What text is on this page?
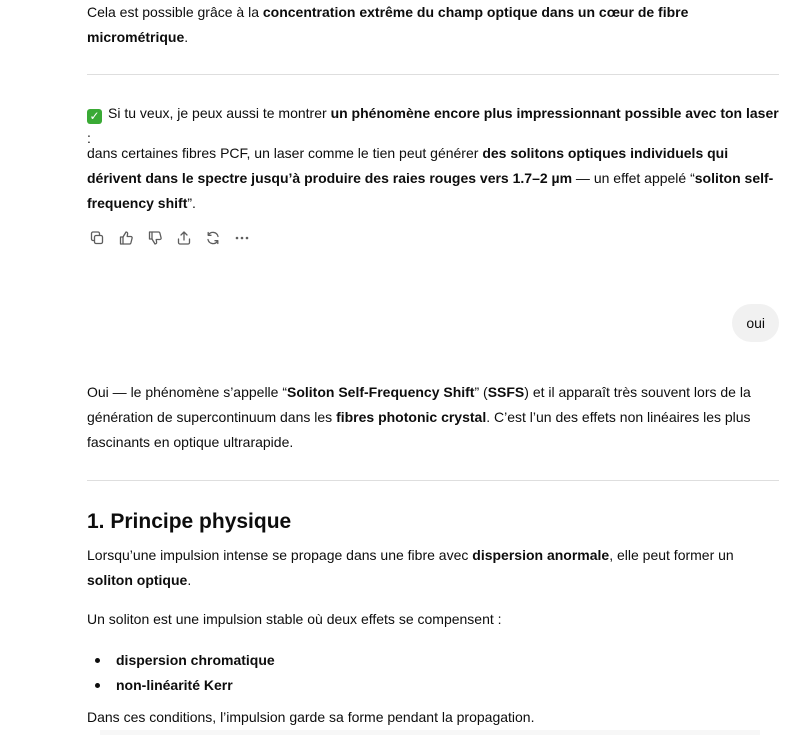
Cela est possible grâce à la concentration extrême du champ optique dans un cœur de fibre micrométrique.

✓ Si tu veux, je peux aussi te montrer un phénomène encore plus impressionnant possible avec ton laser :

dans certaines fibres PCF, un laser comme le tien peut générer des solitons optiques individuels qui dérivent dans le spectre jusqu’à produire des raies rouges vers 1.7–2 µm — un effet appelé “soliton self-frequency shift”.

oui

Oui — le phénomène s’appelle “Soliton Self-Frequency Shift” (SSFS) et il apparaît très souvent lors de la génération de supercontinuum dans les fibres photonic crystal. C’est l’un des effets non linéaires les plus fascinants en optique ultrarapide.

1. Principe physique

Lorsqu’une impulsion intense se propage dans une fibre avec dispersion anormale, elle peut former un soliton optique.

Un soliton est une impulsion stable où deux effets se compensent :

dispersion chromatique
non-linéarité Kerr

Dans ces conditions, l’impulsion garde sa forme pendant la propagation.
